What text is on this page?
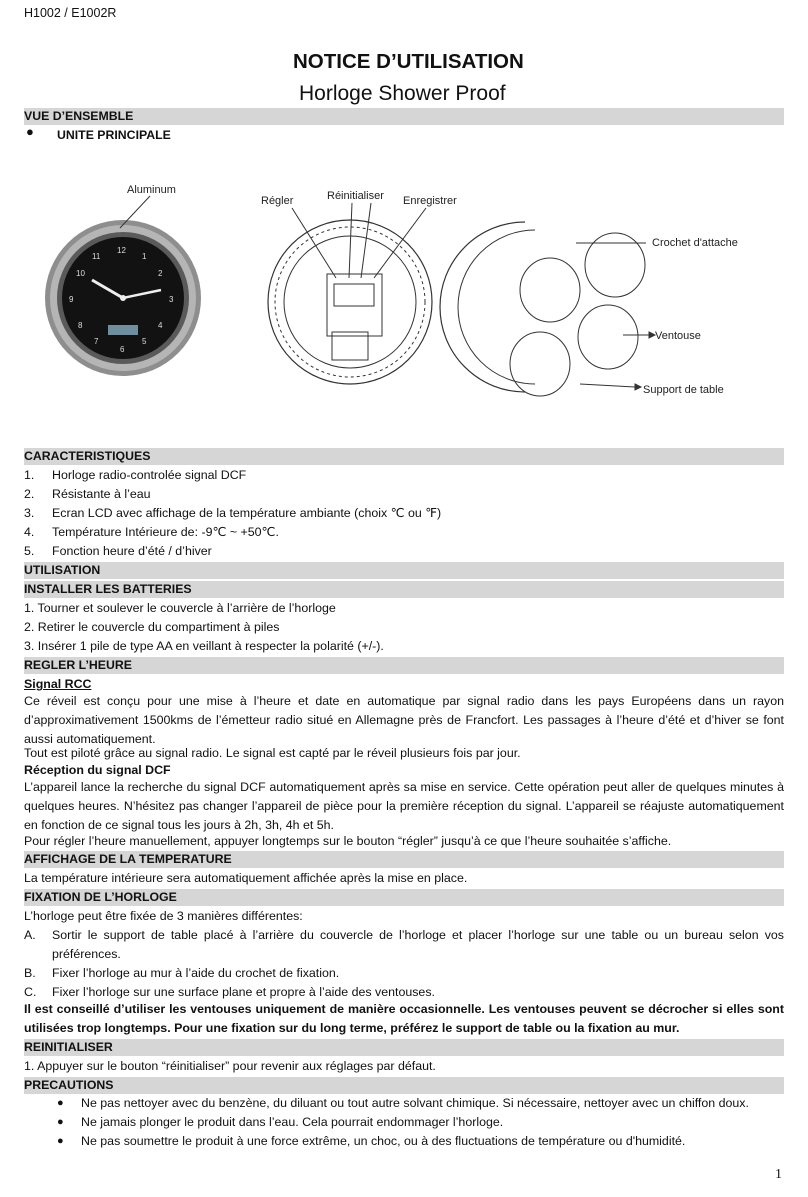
H1002 / E1002R
NOTICE D’UTILISATION
Horloge Shower Proof
VUE D’ENSEMBLE
● UNITE PRINCIPALE
12
3
6
9
1
2
4
5
7
8
10
11
Aluminum
Régler	Réinitialiser Enregistrer
Crochet d'attache
Ventouse
Support de table
CARACTERISTIQUES
1. Horloge radio-controlée signal DCF
2. Résistante à l’eau
3. Ecran LCD avec affichage de la température ambiante (choix ℃ ou ℉)
4. Température Intérieure de: -9℃ ~ +50℃.
5. Fonction heure d’été / d’hiver
UTILISATION
INSTALLER LES BATTERIES
1. Tourner et soulever le couvercle à l’arrière de l’horloge
2. Retirer le couvercle du compartiment à piles
3. Insérer 1 pile de type AA en veillant à respecter la polarité (+/-).
REGLER L’HEURE
Signal RCC
Ce réveil est conçu pour une mise à l’heure et date en automatique par signal radio dans les pays Européens dans un rayon d’approximativement 1500kms de l’émetteur radio situé en Allemagne près de Francfort. Les passages à l’heure d’été et d’hiver se font aussi automatiquement.
Tout est piloté grâce au signal radio. Le signal est capté par le réveil plusieurs fois par jour.
Réception du signal DCF
L’appareil lance la recherche du signal DCF automatiquement après sa mise en service. Cette opération peut aller de quelques minutes à quelques heures. N’hésitez pas changer l’appareil de pièce pour la première réception du signal. L’appareil se réajuste automatiquement en fonction de ce signal tous les jours à 2h, 3h, 4h et 5h.
Pour régler l’heure manuellement, appuyer longtemps sur le bouton “régler” jusqu’à ce que l’heure souhaitée s’affiche.
AFFICHAGE DE LA TEMPERATURE
La température intérieure sera automatiquement affichée après la mise en place.
FIXATION DE L’HORLOGE
L’horloge peut être fixée de 3 manières différentes:
A. Sortir le support de table placé à l’arrière du couvercle de l’horloge et placer l’horloge sur une table ou un bureau selon vos préférences.
B. Fixer l’horloge au mur à l’aide du crochet de fixation.
C. Fixer l’horloge sur une surface plane et propre à l’aide des ventouses.
Il est conseillé d’utiliser les ventouses uniquement de manière occasionnelle. Les ventouses peuvent se décrocher si elles sont utilisées trop longtemps. Pour une fixation sur du long terme, préférez le support de table ou la fixation au mur.
REINITIALISER
1. Appuyer sur le bouton “réinitialiser” pour revenir aux réglages par défaut.
PRECAUTIONS
● Ne pas nettoyer avec du benzène, du diluant ou tout autre solvant chimique. Si nécessaire, nettoyer avec un chiffon doux.
● Ne jamais plonger le produit dans l’eau. Cela pourrait endommager l’horloge.
● Ne pas soumettre le produit à une force extrême, un choc, ou à des fluctuations de température ou d'humidité.
1
